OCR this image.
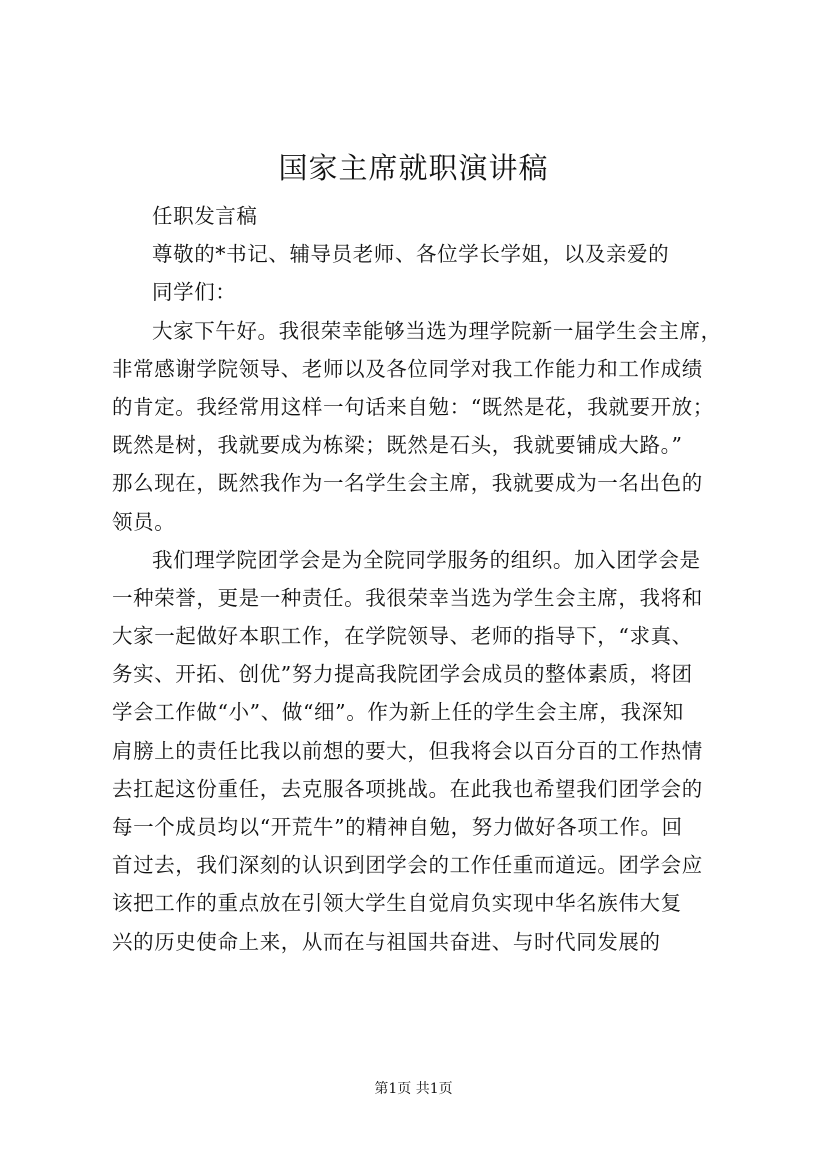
国家主席就职演讲稿
任职发言稿
尊敬的*书记、辅导员老师、各位学长学姐，以及亲爱的
同学们：
大家下午好。我很荣幸能够当选为理学院新一届学生会主席，
非常感谢学院领导、老师以及各位同学对我工作能力和工作成绩
的肯定。我经常用这样一句话来自勉：“既然是花，我就要开放；
既然是树，我就要成为栋梁；既然是石头，我就要铺成大路。”
那么现在，既然我作为一名学生会主席，我就要成为一名出色的
领员。
我们理学院团学会是为全院同学服务的组织。加入团学会是
一种荣誉，更是一种责任。我很荣幸当选为学生会主席，我将和
大家一起做好本职工作，在学院领导、老师的指导下，“求真、
务实、开拓、创优”努力提高我院团学会成员的整体素质，将团
学会工作做“小”、做“细”。作为新上任的学生会主席，我深知
肩膀上的责任比我以前想的要大，但我将会以百分百的工作热情
去扛起这份重任，去克服各项挑战。在此我也希望我们团学会的
每一个成员均以“开荒牛”的精神自勉，努力做好各项工作。回
首过去，我们深刻的认识到团学会的工作任重而道远。团学会应
该把工作的重点放在引领大学生自觉肩负实现中华名族伟大复
兴的历史使命上来，从而在与祖国共奋进、与时代同发展的
第1页 共1页
